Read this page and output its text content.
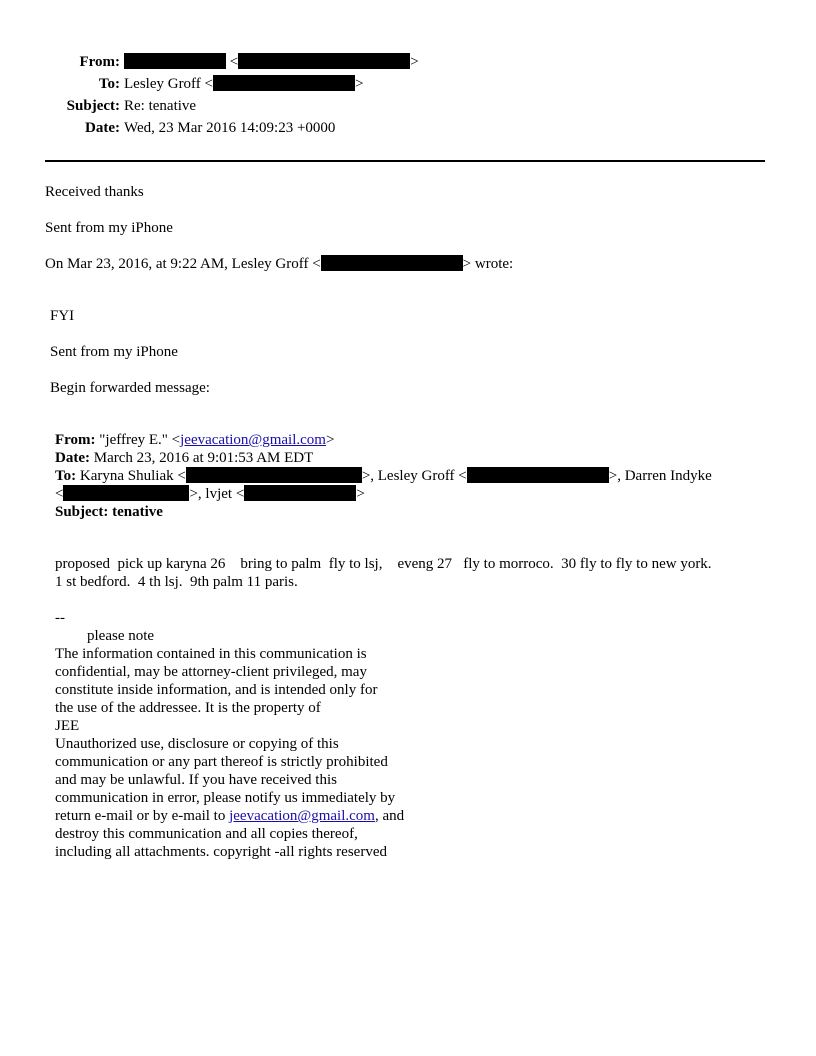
From:	<	>
To: Lesley Groff <	>
Subject: Re: tenative
Date: Wed, 23 Mar 2016 14:09:23 +0000
Received thanks
Sent from my iPhone
On Mar 23, 2016, at 9:22 AM, Lesley Groff <	> wrote:
FYI
Sent from my iPhone
Begin forwarded message:
From: "jeffrey E." <jeevacation@gmail.com>
Date: March 23, 2016 at 9:01:53 AM EDT
To: Karyna Shuliak <	>, Lesley Groff <	>, Darren Indyke
<	>, lvjet <	>
Subject: tenative
proposed  pick up karyna 26    bring to palm  fly to lsj,    eveng 27   fly to morroco.  30 fly to fly to new york.
1 st bedford.  4 th lsj.  9th palm 11 paris.
--
please note
The information contained in this communication is
confidential, may be attorney-client privileged, may
constitute inside information, and is intended only for
the use of the addressee. It is the property of
JEE
Unauthorized use, disclosure or copying of this
communication or any part thereof is strictly prohibited
and may be unlawful. If you have received this
communication in error, please notify us immediately by
return e-mail or by e-mail to jeevacation@gmail.com, and
destroy this communication and all copies thereof,
including all attachments. copyright -all rights reserved
